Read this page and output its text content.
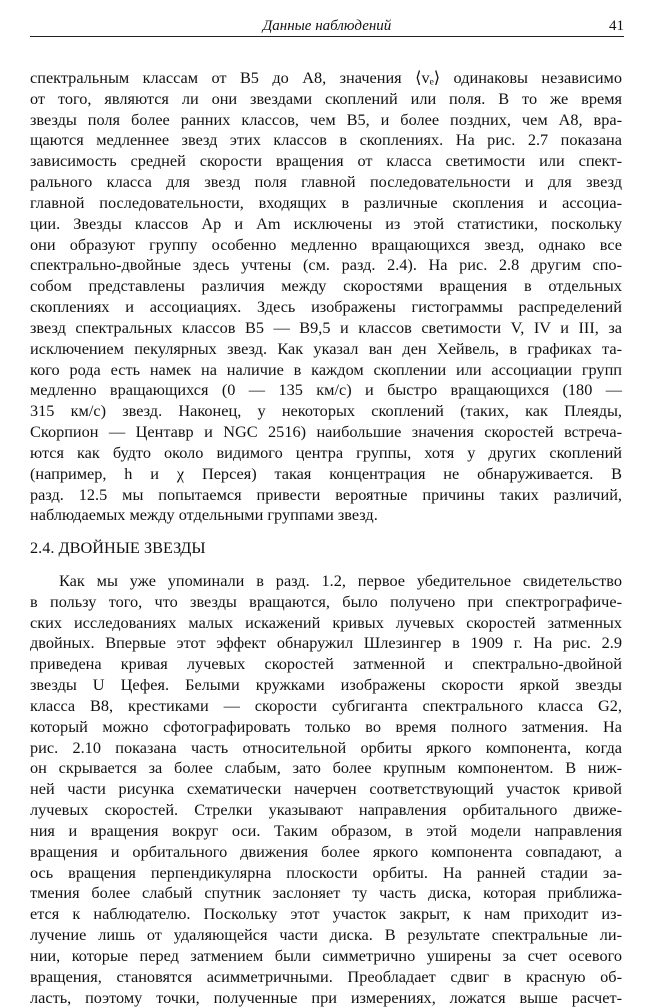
Данные наблюдений	41
спектральным классам от B5 до A8, значения ⟨vₑ⟩ одинаковы независимо
от того, являются ли они звездами скоплений или поля. В то же время
звезды поля более ранних классов, чем B5, и более поздних, чем A8, вра-
щаются медленнее звезд этих классов в скоплениях. На рис. 2.7 показана
зависимость средней скорости вращения от класса светимости или спект-
рального класса для звезд поля главной последовательности и для звезд
главной последовательности, входящих в различные скопления и ассоциа-
ции. Звезды классов Ap и Am исключены из этой статистики, поскольку
они образуют группу особенно медленно вращающихся звезд, однако все
спектрально-двойные здесь учтены (см. разд. 2.4). На рис. 2.8 другим спо-
собом представлены различия между скоростями вращения в отдельных
скоплениях и ассоциациях. Здесь изображены гистограммы распределений
звезд спектральных классов B5 — B9,5 и классов светимости V, IV и III, за
исключением пекулярных звезд. Как указал ван ден Хейвель, в графиках та-
кого рода есть намек на наличие в каждом скоплении или ассоциации групп
медленно вращающихся (0 — 135 км/с) и быстро вращающихся (180 —
315 км/с) звезд. Наконец, у некоторых скоплений (таких, как Плеяды,
Скорпион — Центавр и NGC 2516) наибольшие значения скоростей встреча-
ются как будто около видимого центра группы, хотя у других скоплений
(например, h и χ Персея) такая концентрация не обнаруживается. В
разд. 12.5 мы попытаемся привести вероятные причины таких различий,
наблюдаемых между отдельными группами звезд.
2.4. ДВОЙНЫЕ ЗВЕЗДЫ
Как мы уже упоминали в разд. 1.2, первое убедительное свидетельство
в пользу того, что звезды вращаются, было получено при спектрографиче-
ских исследованиях малых искажений кривых лучевых скоростей затменных
двойных. Впервые этот эффект обнаружил Шлезингер в 1909 г. На рис. 2.9
приведена кривая лучевых скоростей затменной и спектрально-двойной
звезды U Цефея. Белыми кружками изображены скорости яркой звезды
класса B8, крестиками — скорости субгиганта спектрального класса G2,
который можно сфотографировать только во время полного затмения. На
рис. 2.10 показана часть относительной орбиты яркого компонента, когда
он скрывается за более слабым, зато более крупным компонентом. В ниж-
ней части рисунка схематически начерчен соответствующий участок кривой
лучевых скоростей. Стрелки указывают направления орбитального движе-
ния и вращения вокруг оси. Таким образом, в этой модели направления
вращения и орбитального движения более яркого компонента совпадают, а
ось вращения перпендикулярна плоскости орбиты. На ранней стадии за-
тмения более слабый спутник заслоняет ту часть диска, которая приближа-
ется к наблюдателю. Поскольку этот участок закрыт, к нам приходит из-
лучение лишь от удаляющейся части диска. В результате спектральные ли-
нии, которые перед затмением были симметрично уширены за счет осевого
вращения, становятся асимметричными. Преобладает сдвиг в красную об-
ласть, поэтому точки, полученные при измерениях, ложатся выше расчет-
